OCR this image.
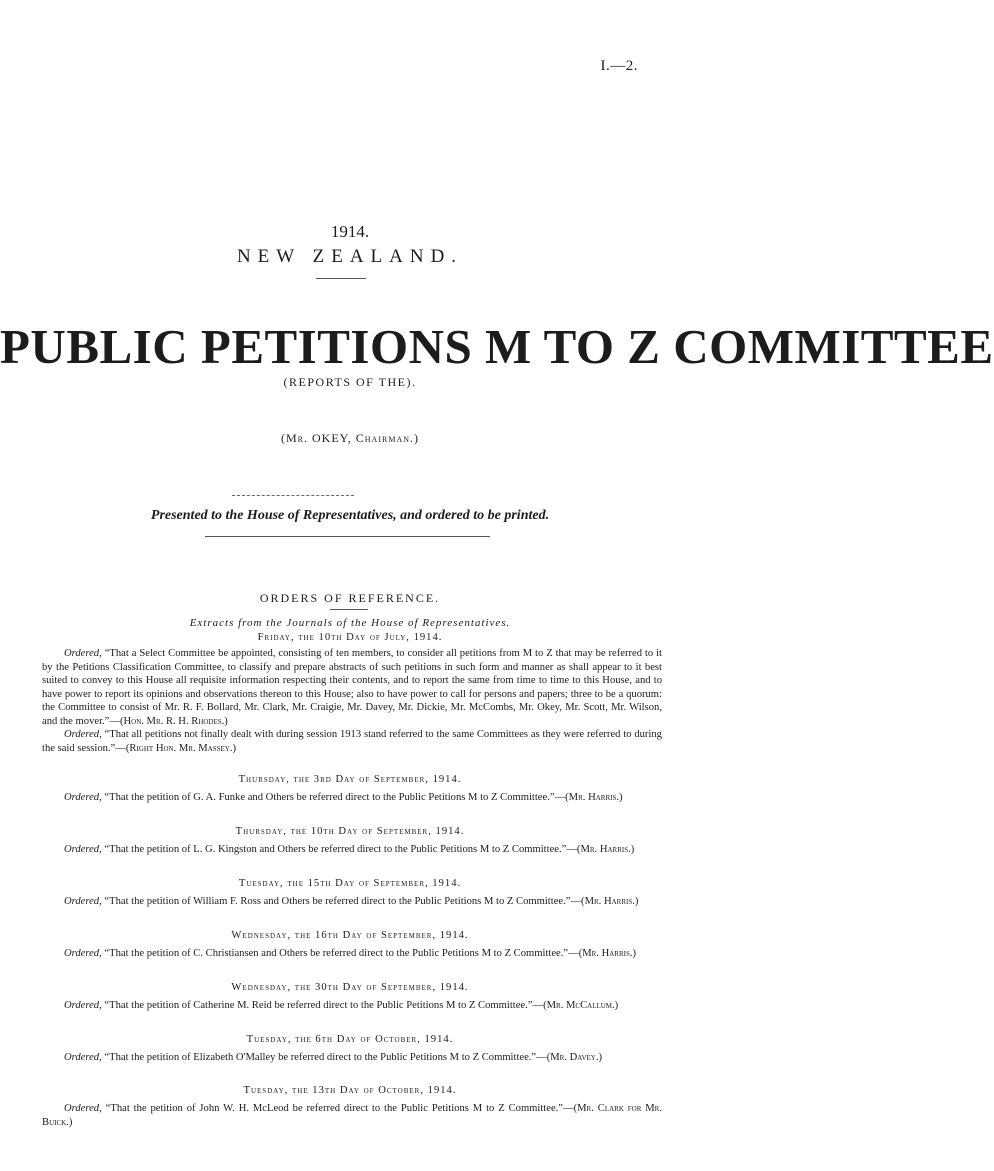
I.—2.
1914.
NEW ZEALAND.
PUBLIC PETITIONS M TO Z COMMITTEE
(REPORTS OF THE).
(Mr. OKEY, Chairman.)
Presented to the House of Representatives, and ordered to be printed.
ORDERS OF REFERENCE.
Extracts from the Journals of the House of Representatives.
Friday, the 10th Day of July, 1914.
Ordered, “That a Select Committee be appointed, consisting of ten members, to consider all petitions from M to Z that may be referred to it by the Petitions Classification Committee, to classify and prepare abstracts of such petitions in such form and manner as shall appear to it best suited to convey to this House all requisite information respecting their contents, and to report the same from time to time to this House, and to have power to report its opinions and observations thereon to this House; also to have power to call for persons and papers; three to be a quorum: the Committee to consist of Mr. R. F. Bollard, Mr. Clark, Mr. Craigie, Mr. Davey, Mr. Dickie, Mr. McCombs, Mr. Okey, Mr. Scott, Mr. Wilson, and the mover.”—(Hon. Mr. R. H. Rhodes.)
Ordered, “That all petitions not finally dealt with during session 1913 stand referred to the same Committees as they were referred to during the said session.”—(Right Hon. Mr. Massey.)
Thursday, the 3rd Day of September, 1914.
Ordered, “That the petition of G. A. Funke and Others be referred direct to the Public Petitions M to Z Committee.”—(Mr. Harris.)
Thursday, the 10th Day of September, 1914.
Ordered, “That the petition of L. G. Kingston and Others be referred direct to the Public Petitions M to Z Committee.”—(Mr. Harris.)
Tuesday, the 15th Day of September, 1914.
Ordered, “That the petition of William F. Ross and Others be referred direct to the Public Petitions M to Z Committee.”—(Mr. Harris.)
Wednesday, the 16th Day of September, 1914.
Ordered, “That the petition of C. Christiansen and Others be referred direct to the Public Petitions M to Z Committee.”—(Mr. Harris.)
Wednesday, the 30th Day of September, 1914.
Ordered, “That the petition of Catherine M. Reid be referred direct to the Public Petitions M to Z Committee.”—(Mr. McCallum.)
Tuesday, the 6th Day of October, 1914.
Ordered, “That the petition of Elizabeth O'Malley be referred direct to the Public Petitions M to Z Committee.”—(Mr. Davey.)
Tuesday, the 13th Day of October, 1914.
Ordered, “That the petition of John W. H. McLeod be referred direct to the Public Petitions M to Z Committee.”—(Mr. Clark for Mr. Buick.)
